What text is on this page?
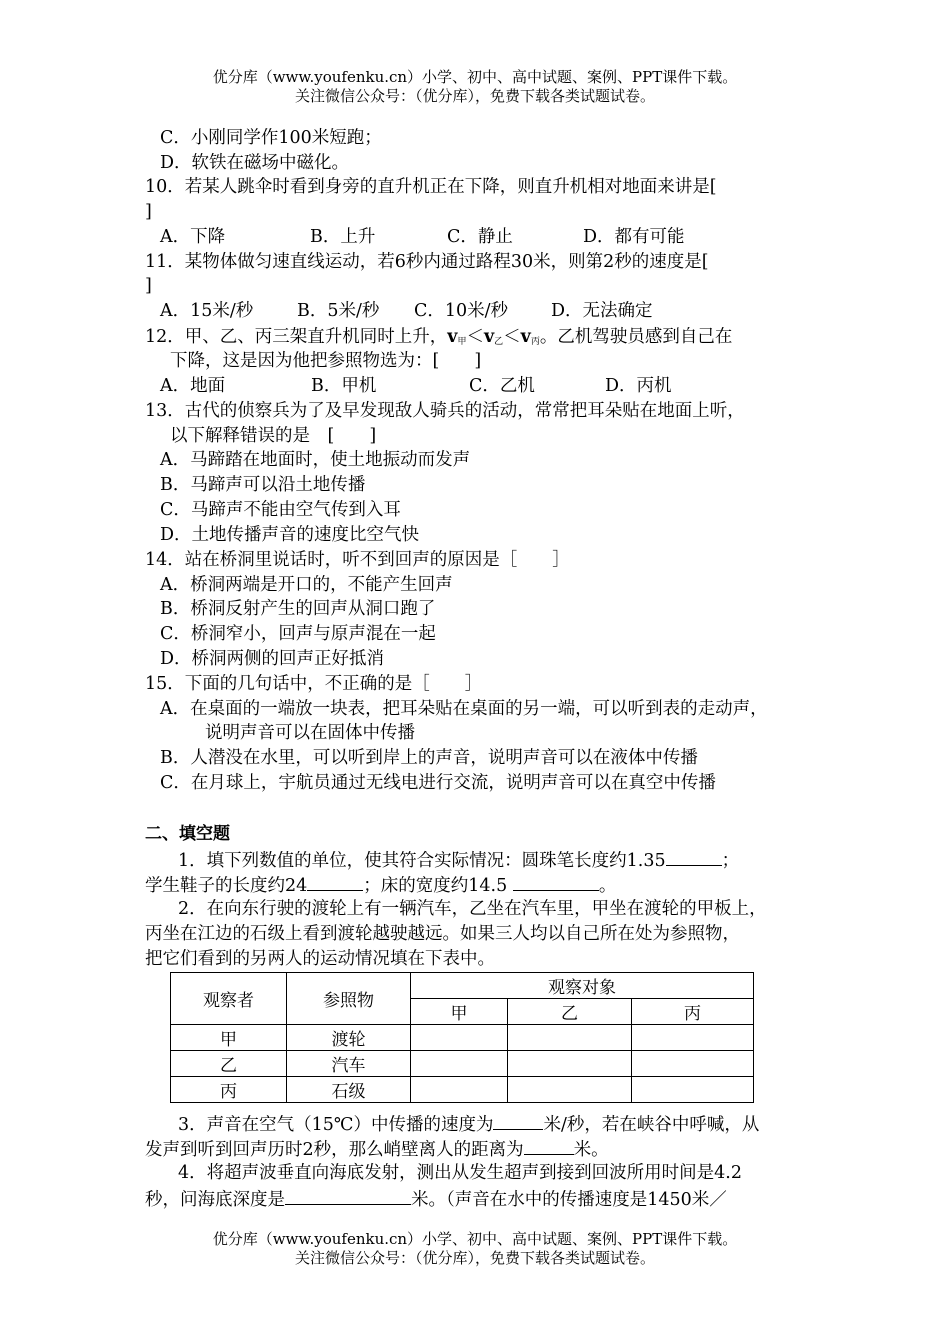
优分库（www.youfenku.cn）小学、初中、高中试题、案例、PPT课件下载。
关注微信公众号：（优分库），免费下载各类试题试卷。
C．小刚同学作100米短跑；
D．软铁在磁场中磁化。
10．若某人跳伞时看到身旁的直升机正在下降，则直升机相对地面来讲是[
]
A．下降	B．上升	C．静止	D．都有可能
11．某物体做匀速直线运动，若6秒内通过路程30米，则第2秒的速度是[
]
A．15米/秒 B．5米/秒 C．10米/秒 D．无法确定
12．甲、乙、丙三架直升机同时上升，$v_甲<v_乙<v_丙$。乙机驾驶员感到自己在
下降，这是因为他把参照物选为：[　　]
A．地面	B．甲机	C．乙机	D．丙机
13．古代的侦察兵为了及早发现敌人骑兵的活动，常常把耳朵贴在地面上听，
以下解释错误的是　[　　]
A．马蹄踏在地面时，使土地振动而发声
B．马蹄声可以沿土地传播
C．马蹄声不能由空气传到入耳
D．土地传播声音的速度比空气快
14．站在桥洞里说话时，听不到回声的原因是［　　］
A．桥洞两端是开口的，不能产生回声
B．桥洞反射产生的回声从洞口跑了
C．桥洞窄小，回声与原声混在一起
D．桥洞两侧的回声正好抵消
15．下面的几句话中，不正确的是［　　］
A．在桌面的一端放一块表，把耳朵贴在桌面的另一端，可以听到表的走动声，
说明声音可以在固体中传播
B．人潜没在水里，可以听到岸上的声音，说明声音可以在液体中传播
C．在月球上，宇航员通过无线电进行交流，说明声音可以在真空中传播
二、填空题
1．填下列数值的单位，使其符合实际情况：圆珠笔长度约1.35	；
学生鞋子的长度约24	；床的宽度约14.5	。
2．在向东行驶的渡轮上有一辆汽车，乙坐在汽车里，甲坐在渡轮的甲板上，
丙坐在江边的石级上看到渡轮越驶越远。如果三人均以自己所在处为参照物，
把它们看到的另两人的运动情况填在下表中。
观察者	参照物	观察对象		
		甲	乙	丙
甲	渡轮			
乙	汽车			
丙	石级			
3．声音在空气（15℃）中传播的速度为	米/秒，若在峡谷中呼喊，从
发声到听到回声历时2秒，那么峭壁离人的距离为	米。
4．将超声波垂直向海底发射，测出从发生超声到接到回波所用时间是4.2
秒，问海底深度是	米。（声音在水中的传播速度是1450米／
优分库（www.youfenku.cn）小学、初中、高中试题、案例、PPT课件下载。
关注微信公众号：（优分库），免费下载各类试题试卷。
